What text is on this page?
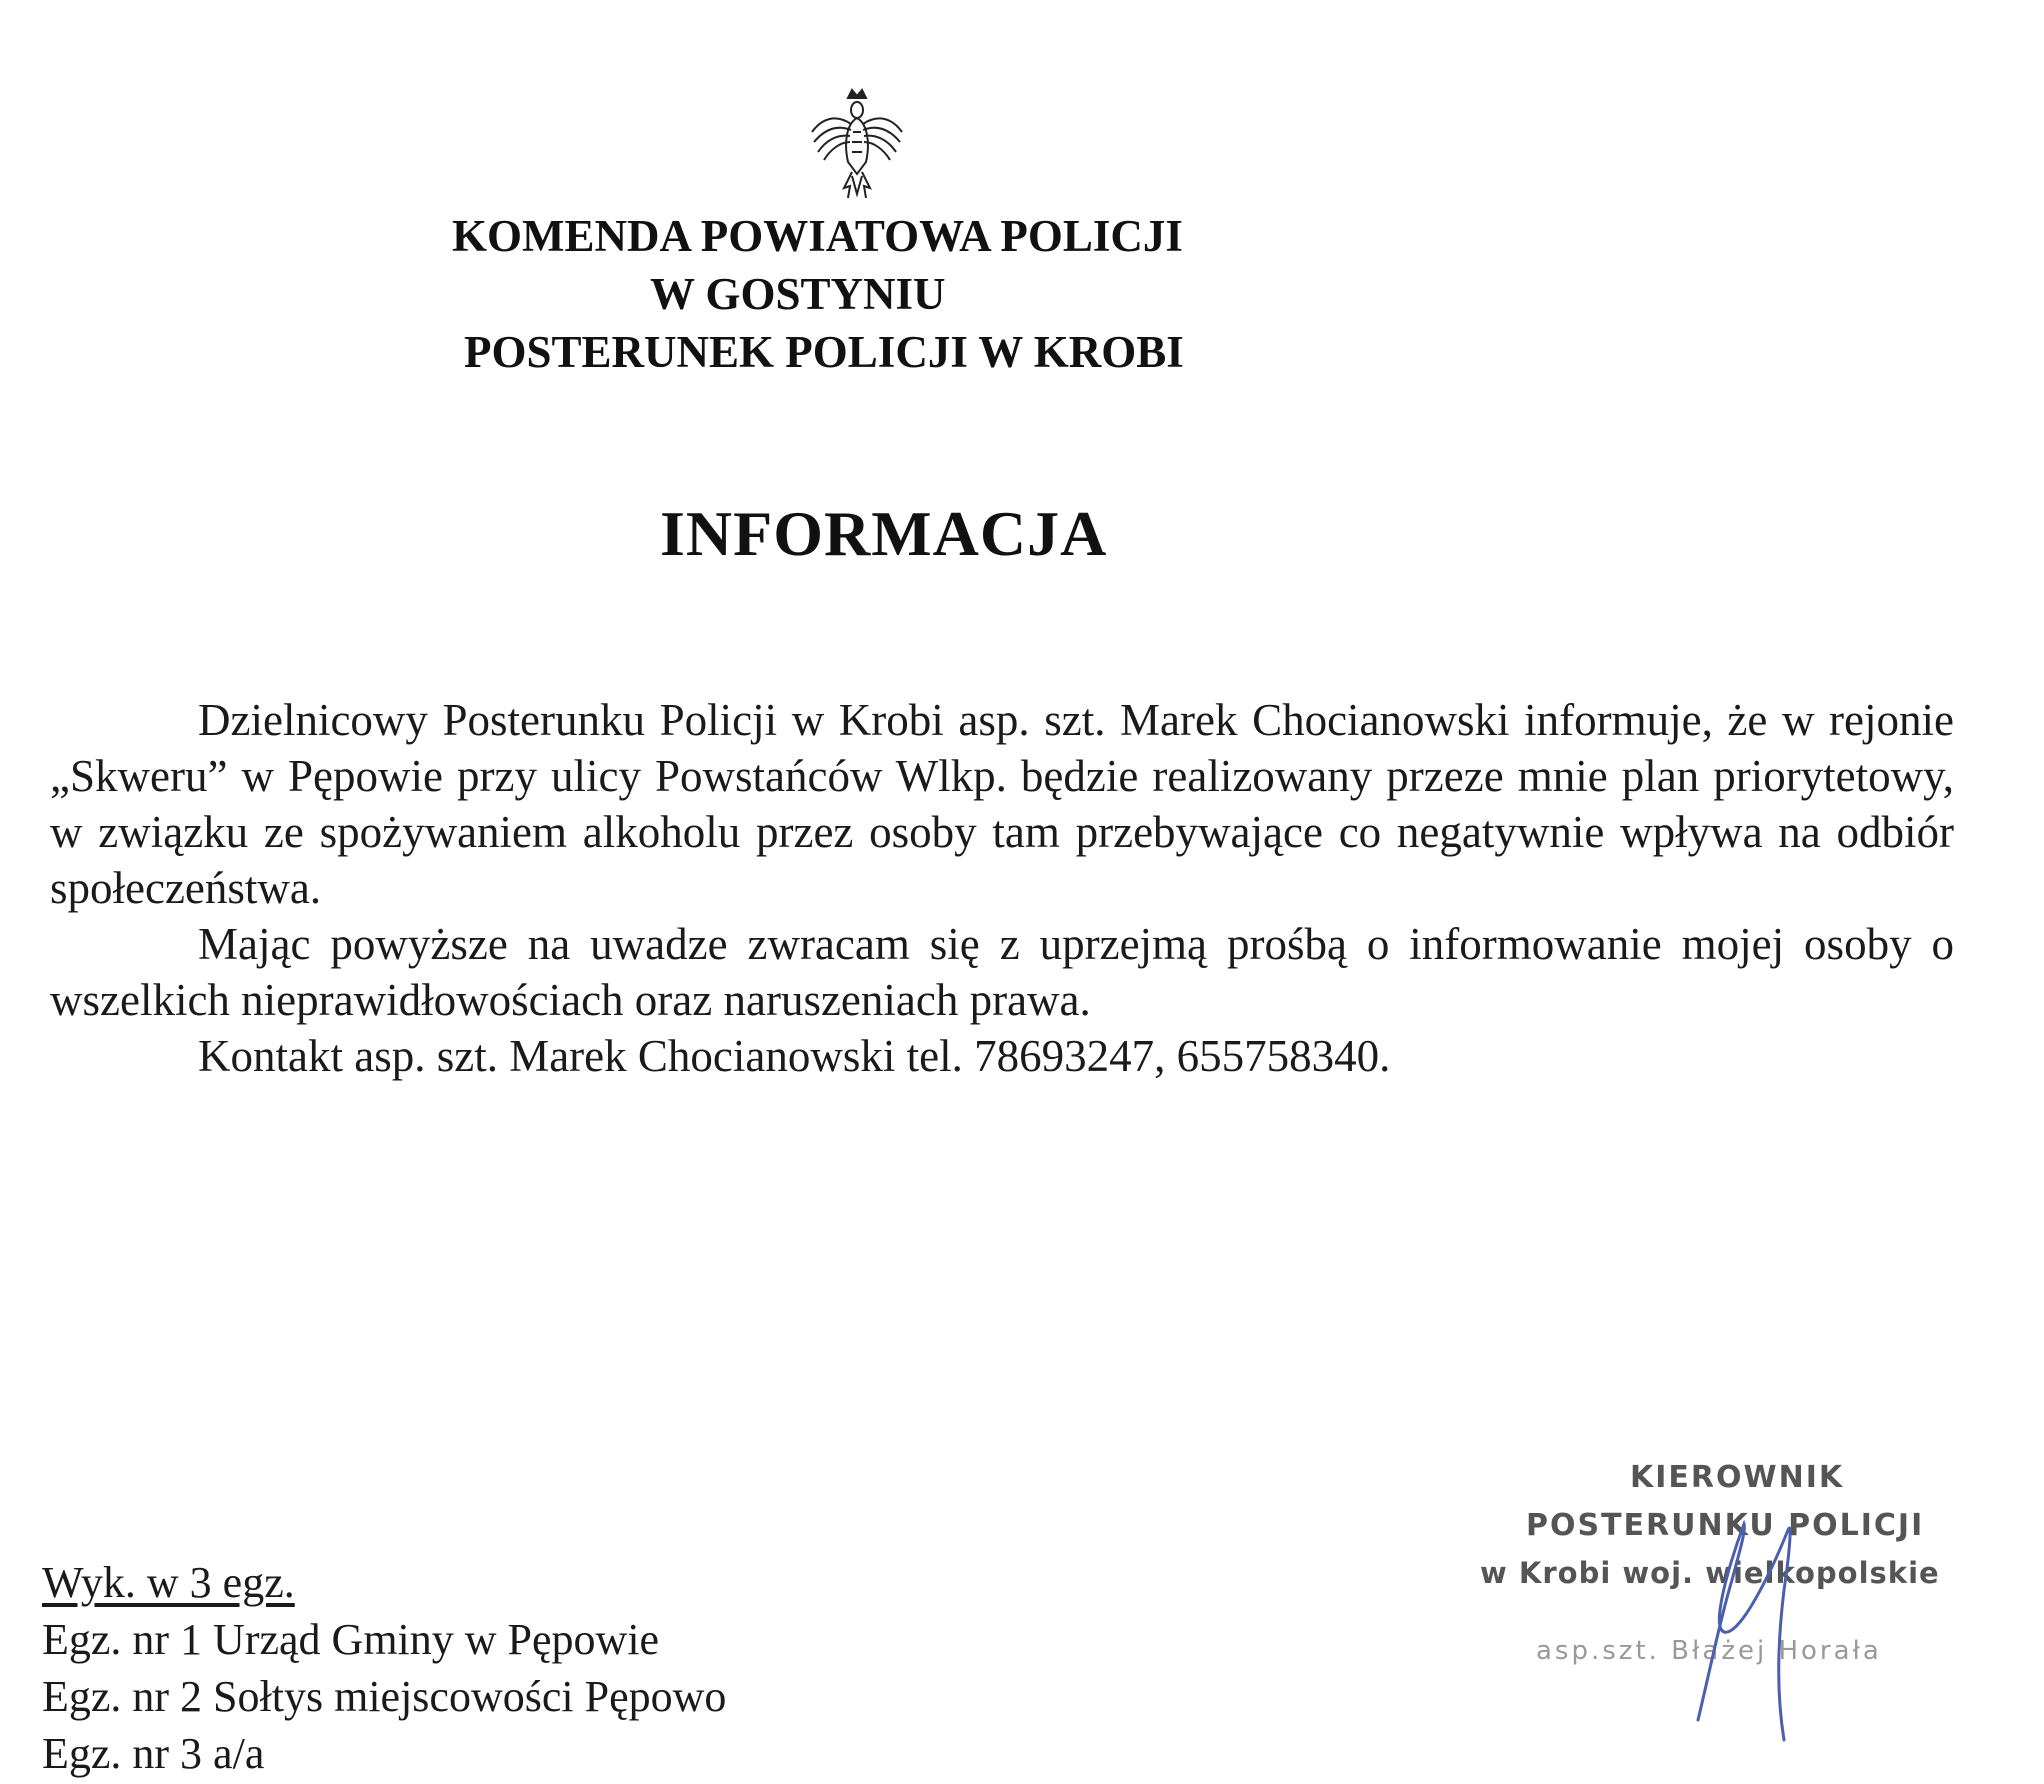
KOMENDA POWIATOWA POLICJI
W GOSTYNIU
POSTERUNEK POLICJI W KROBI
INFORMACJA

Dzielnicowy Posterunku Policji w Krobi asp. szt. Marek Chocianowski informuje, że w rejonie „Skweru” w Pępowie przy ulicy Powstańców Wlkp. będzie realizowany przeze mnie plan priorytetowy, w związku ze spożywaniem alkoholu przez osoby tam przebywające co negatywnie wpływa na odbiór społeczeństwa.

Mając powyższe na uwadze zwracam się z uprzejmą prośbą o informowanie mojej osoby o wszelkich nieprawidłowościach oraz naruszeniach prawa.

Kontakt asp. szt. Marek Chocianowski tel. 78693247, 655758340.

Wyk. w 3 egz.
Egz. nr 1 Urząd Gminy w Pępowie
Egz. nr 2 Sołtys miejscowości Pępowo
Egz. nr 3 a/a
KIEROWNIK
POSTERUNKU POLICJI
w Krobi woj. wielkopolskie
asp.szt. Błażej Horała
